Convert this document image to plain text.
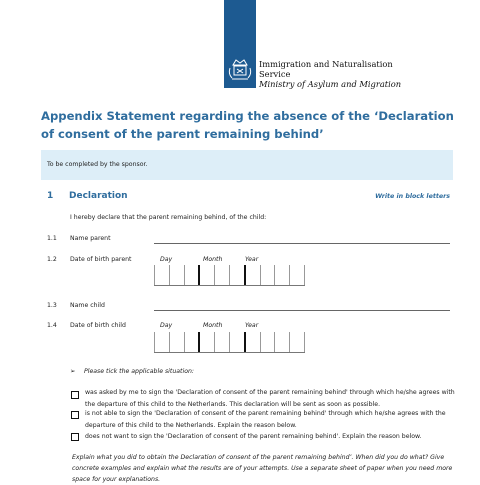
Immigration and Naturalisation
Service
Ministry of Asylum and Migration
Appendix Statement regarding the absence of the ‘Declaration
of consent of the parent remaining behind’
To be completed by the sponsor.
1 Declaration	Write in block letters
I hereby declare that the parent remaining behind, of the child:
1.1 Name parent
1.2 Date of birth parent	Day	Month	Year
1.3 Name child
1.4 Date of birth child	Day	Month	Year
➢ Please tick the applicable situation:
was asked by me to sign the 'Declaration of consent of the parent remaining behind' through which he/she agrees with the departure of this child to the Netherlands. This declaration will be sent as soon as possible.
is not able to sign the 'Declaration of consent of the parent remaining behind' through which he/she agrees with the departure of this child to the Netherlands. Explain the reason below.
does not want to sign the 'Declaration of consent of the parent remaining behind'. Explain the reason below.
Explain what you did to obtain the Declaration of consent of the parent remaining behind’. When did you do what? Give concrete examples and explain what the results are of your attempts. Use a separate sheet of paper when you need more space for your explanations.
